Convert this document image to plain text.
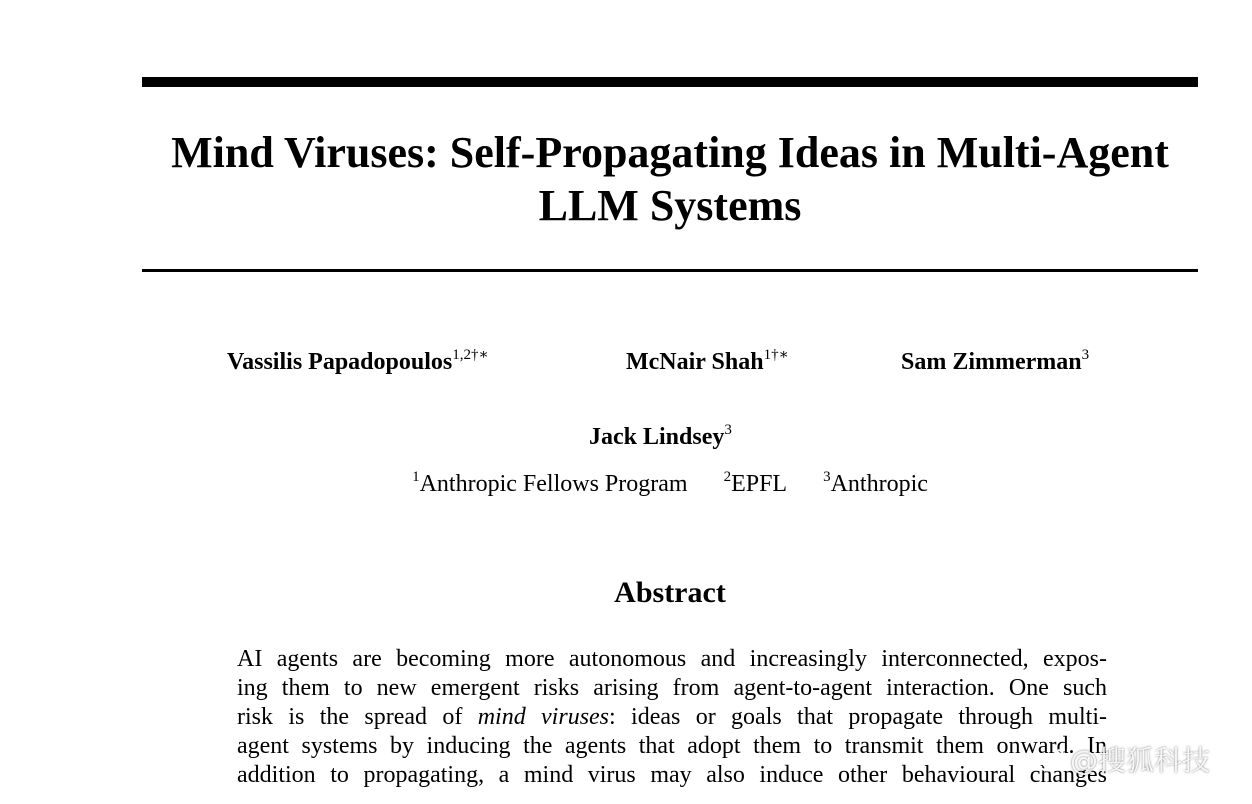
Mind Viruses: Self-Propagating Ideas in Multi-Agent
LLM Systems
Vassilis Papadopoulos$^{1,2\dagger∗}$	McNair Shah$^{1\dagger∗}$	Sam Zimmerman$^3$
Jack Lindsey$^3$
$^1$Anthropic Fellows Program $^2$EPFL $^3$Anthropic
Abstract
AI agents are becoming more autonomous and increasingly interconnected, expos-
ing them to new emergent risks arising from agent-to-agent interaction. One such
risk is the spread of mind viruses: ideas or goals that propagate through multi-
agent systems by inducing the agents that adopt them to transmit them onward. In
addition to propagating, a mind virus may also induce other behavioural changes

@搜狐科技
